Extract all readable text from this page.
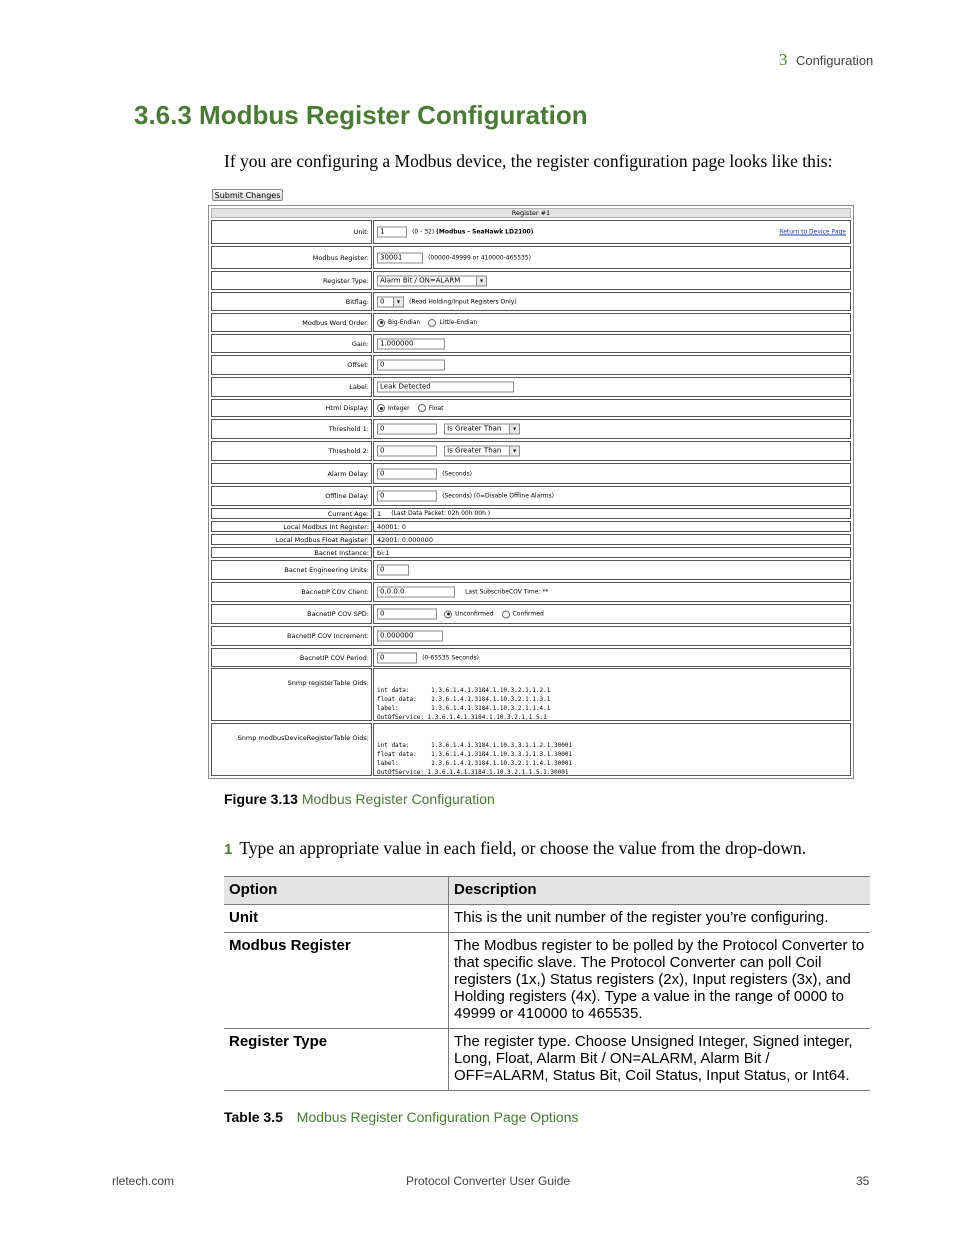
3 Configuration
3.6.3 Modbus Register Configuration

If you are configuring a Modbus device, the register configuration page looks like this:

Submit Changes
Register #1
Unit:	1	(0 - 32) (Modbus - SeaHawk LD2100)	Return to Device Page
Modbus Register:	30001	(00000-49999 or 410000-465535)
Register Type:	Alarm Bit / ON=ALARM	▾
Bitflag:	0	▾	(Read Holding/Input Registers Only)
Modbus Word Order:	Big-Endian	Little-Endian
Gain:	1.000000
Offset:	0
Label:	Leak Detected
Html Display:	Integer	Float
Threshold 1:	0	Is Greater Than	▾
Threshold 2:	0	Is Greater Than	▾
Alarm Delay:	0	(Seconds)
Offline Delay:	0	(Seconds) (0=Disable Offline Alarms)
Current Age: 1 (Last Data Packet: 02h 00h 00h )
Local Modbus Int Register: 40001: 0
Local Modbus Float Register: 42001: 0.000000
Bacnet Instance: bi:1
Bacnet Engineering Units:	0
BacnetIP COV Client:	0.0.0.0	Last SubscribeCOV Time: **
BacnetIP COV SPD:	0	Unconfirmed	Confirmed
BacnetIP COV Increment:	0.000000
BacnetIP COV Period:	0	(0-65535 Seconds)
Snmp registerTable Oids:

int data:      1.3.6.1.4.1.3184.1.10.3.2.1.1.2.1
float data:    1.3.6.1.4.1.3184.1.10.3.2.1.1.3.1
label:         1.3.6.1.4.1.3184.1.10.3.2.1.1.4.1
OutOfService: 1.3.6.1.4.1.3184.1.10.3.2.1.1.5.1

Snmp modbusDeviceRegisterTable Oids:

int data:      1.3.6.1.4.1.3184.1.10.3.3.1.1.2.1.30001
float data:    1.3.6.1.4.1.3184.1.10.3.3.1.1.3.1.30001
label:         1.3.6.1.4.1.3184.1.10.3.2.1.1.4.1.30001
OutOfService: 1.3.6.1.4.1.3184.1.10.3.2.1.1.5.1.30001

Figure 3.13 Modbus Register Configuration
1 Type an appropriate value in each field, or choose the value from the drop-down.
Option	Description
Unit	This is the unit number of the register you’re configuring.
Modbus Register	The Modbus register to be polled by the Protocol Converter to that specific slave. The Protocol Converter can poll Coil registers (1x,) Status registers (2x), Input registers (3x), and Holding registers (4x). Type a value in the range of 0000 to 49999 or 410000 to 465535.
Register Type	The register type. Choose Unsigned Integer, Signed integer, Long, Float, Alarm Bit / ON=ALARM, Alarm Bit / OFF=ALARM, Status Bit, Coil Status, Input Status, or Int64.
Table 3.5 Modbus Register Configuration Page Options
rletech.com	Protocol Converter User Guide	35
